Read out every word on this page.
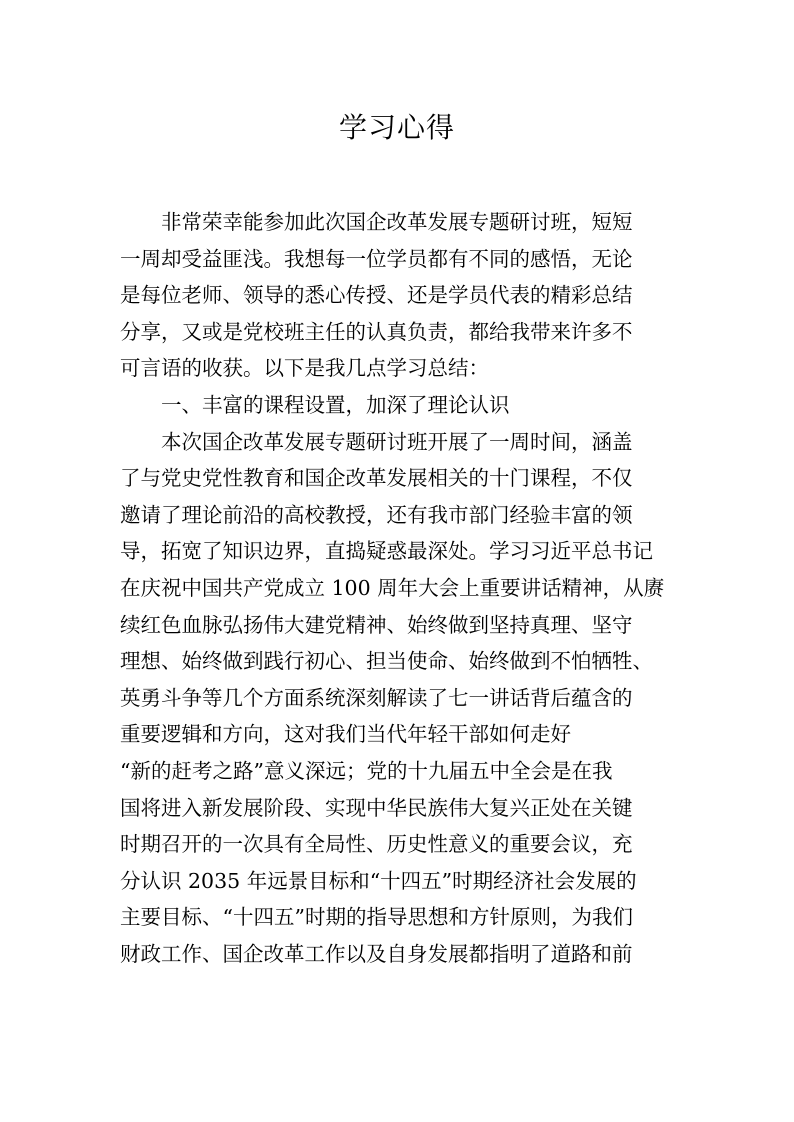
学习心得
非常荣幸能参加此次国企改革发展专题研讨班，短短
一周却受益匪浅。我想每一位学员都有不同的感悟，无论
是每位老师、领导的悉心传授、还是学员代表的精彩总结
分享，又或是党校班主任的认真负责，都给我带来许多不
可言语的收获。以下是我几点学习总结：
一、丰富的课程设置，加深了理论认识
本次国企改革发展专题研讨班开展了一周时间，涵盖
了与党史党性教育和国企改革发展相关的十门课程，不仅
邀请了理论前沿的高校教授，还有我市部门经验丰富的领
导，拓宽了知识边界，直捣疑惑最深处。学习习近平总书记
在庆祝中国共产党成立 100 周年大会上重要讲话精神，从赓
续红色血脉弘扬伟大建党精神、始终做到坚持真理、坚守
理想、始终做到践行初心、担当使命、始终做到不怕牺牲、
英勇斗争等几个方面系统深刻解读了七一讲话背后蕴含的
重要逻辑和方向，这对我们当代年轻干部如何走好
“新的赶考之路”意义深远；党的十九届五中全会是在我
国将进入新发展阶段、实现中华民族伟大复兴正处在关键
时期召开的一次具有全局性、历史性意义的重要会议，充
分认识 2035 年远景目标和“十四五”时期经济社会发展的
主要目标、“十四五”时期的指导思想和方针原则，为我们
财政工作、国企改革工作以及自身发展都指明了道路和前
